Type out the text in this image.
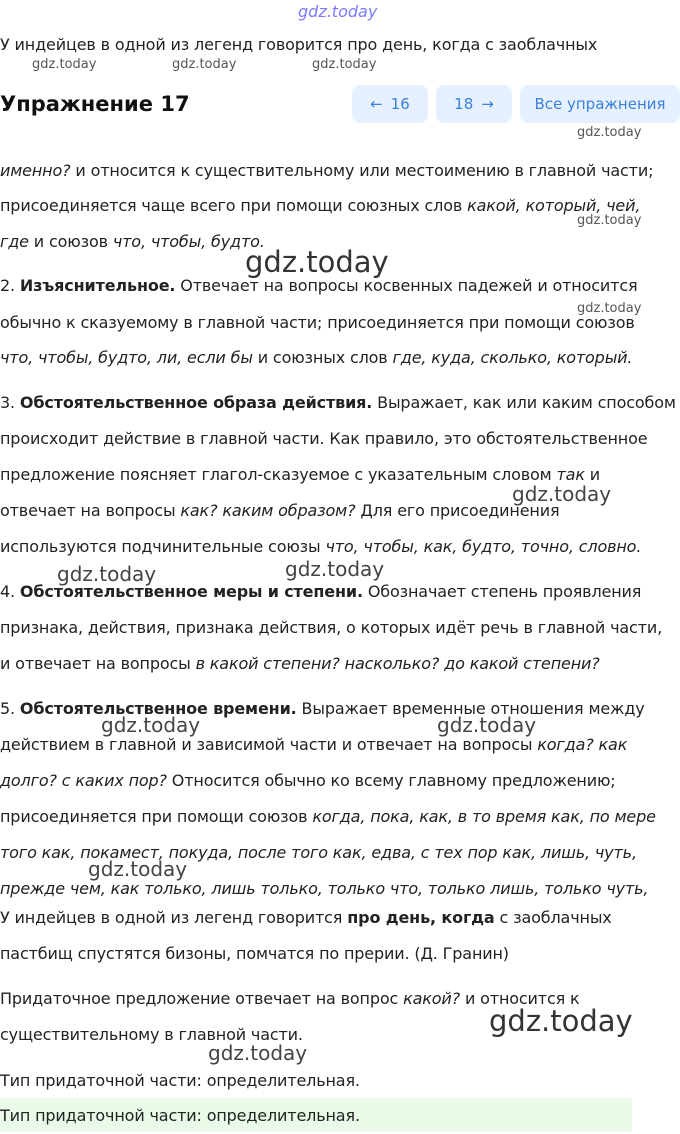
gdz.today
У индейцев в одной из легенд говорится про день, когда с заоблачных
gdz.today	gdz.today	gdz.today
Упражнение 17	← 16	18 →	Все упражнения
gdz.today
именно? и относится к существительному или местоимению в главной части;
присоединяется чаще всего при помощи союзных слов какой, который, чей,
gdz.today
где и союзов что, чтобы, будто.
gdz.today
2. Изъяснительное. Отвечает на вопросы косвенных падежей и относится
gdz.today
обычно к сказуемому в главной части; присоединяется при помощи союзов
что, чтобы, будто, ли, если бы и союзных слов где, куда, сколько, который.
3. Обстоятельственное образа действия. Выражает, как или каким способом
происходит действие в главной части. Как правило, это обстоятельственное
предложение поясняет глагол-сказуемое с указательным словом так и
gdz.today
отвечает на вопросы как? каким образом? Для его присоединения
используются подчинительные союзы что, чтобы, как, будто, точно, словно.
gdz.today	gdz.today
4. Обстоятельственное меры и степени. Обозначает степень проявления
признака, действия, признака действия, о которых идёт речь в главной части,
и отвечает на вопросы в какой степени? насколько? до какой степени?
5. Обстоятельственное времени. Выражает временные отношения между
gdz.today	gdz.today
действием в главной и зависимой части и отвечает на вопросы когда? как
долго? с каких пор? Относится обычно ко всему главному предложению;
присоединяется при помощи союзов когда, пока, как, в то время как, по мере
того как, покамест, покуда, после того как, едва, с тех пор как, лишь, чуть,
gdz.today
прежде чем, как только, лишь только, только что, только лишь, только чуть,
У индейцев в одной из легенд говорится про день, когда с заоблачных
пастбищ спустятся бизоны, помчатся по прерии. (Д. Гранин)
Придаточное предложение отвечает на вопрос какой? и относится к
gdz.today
существительному в главной части.
gdz.today
Тип придаточной части: определительная.
Тип придаточной части: определительная.
